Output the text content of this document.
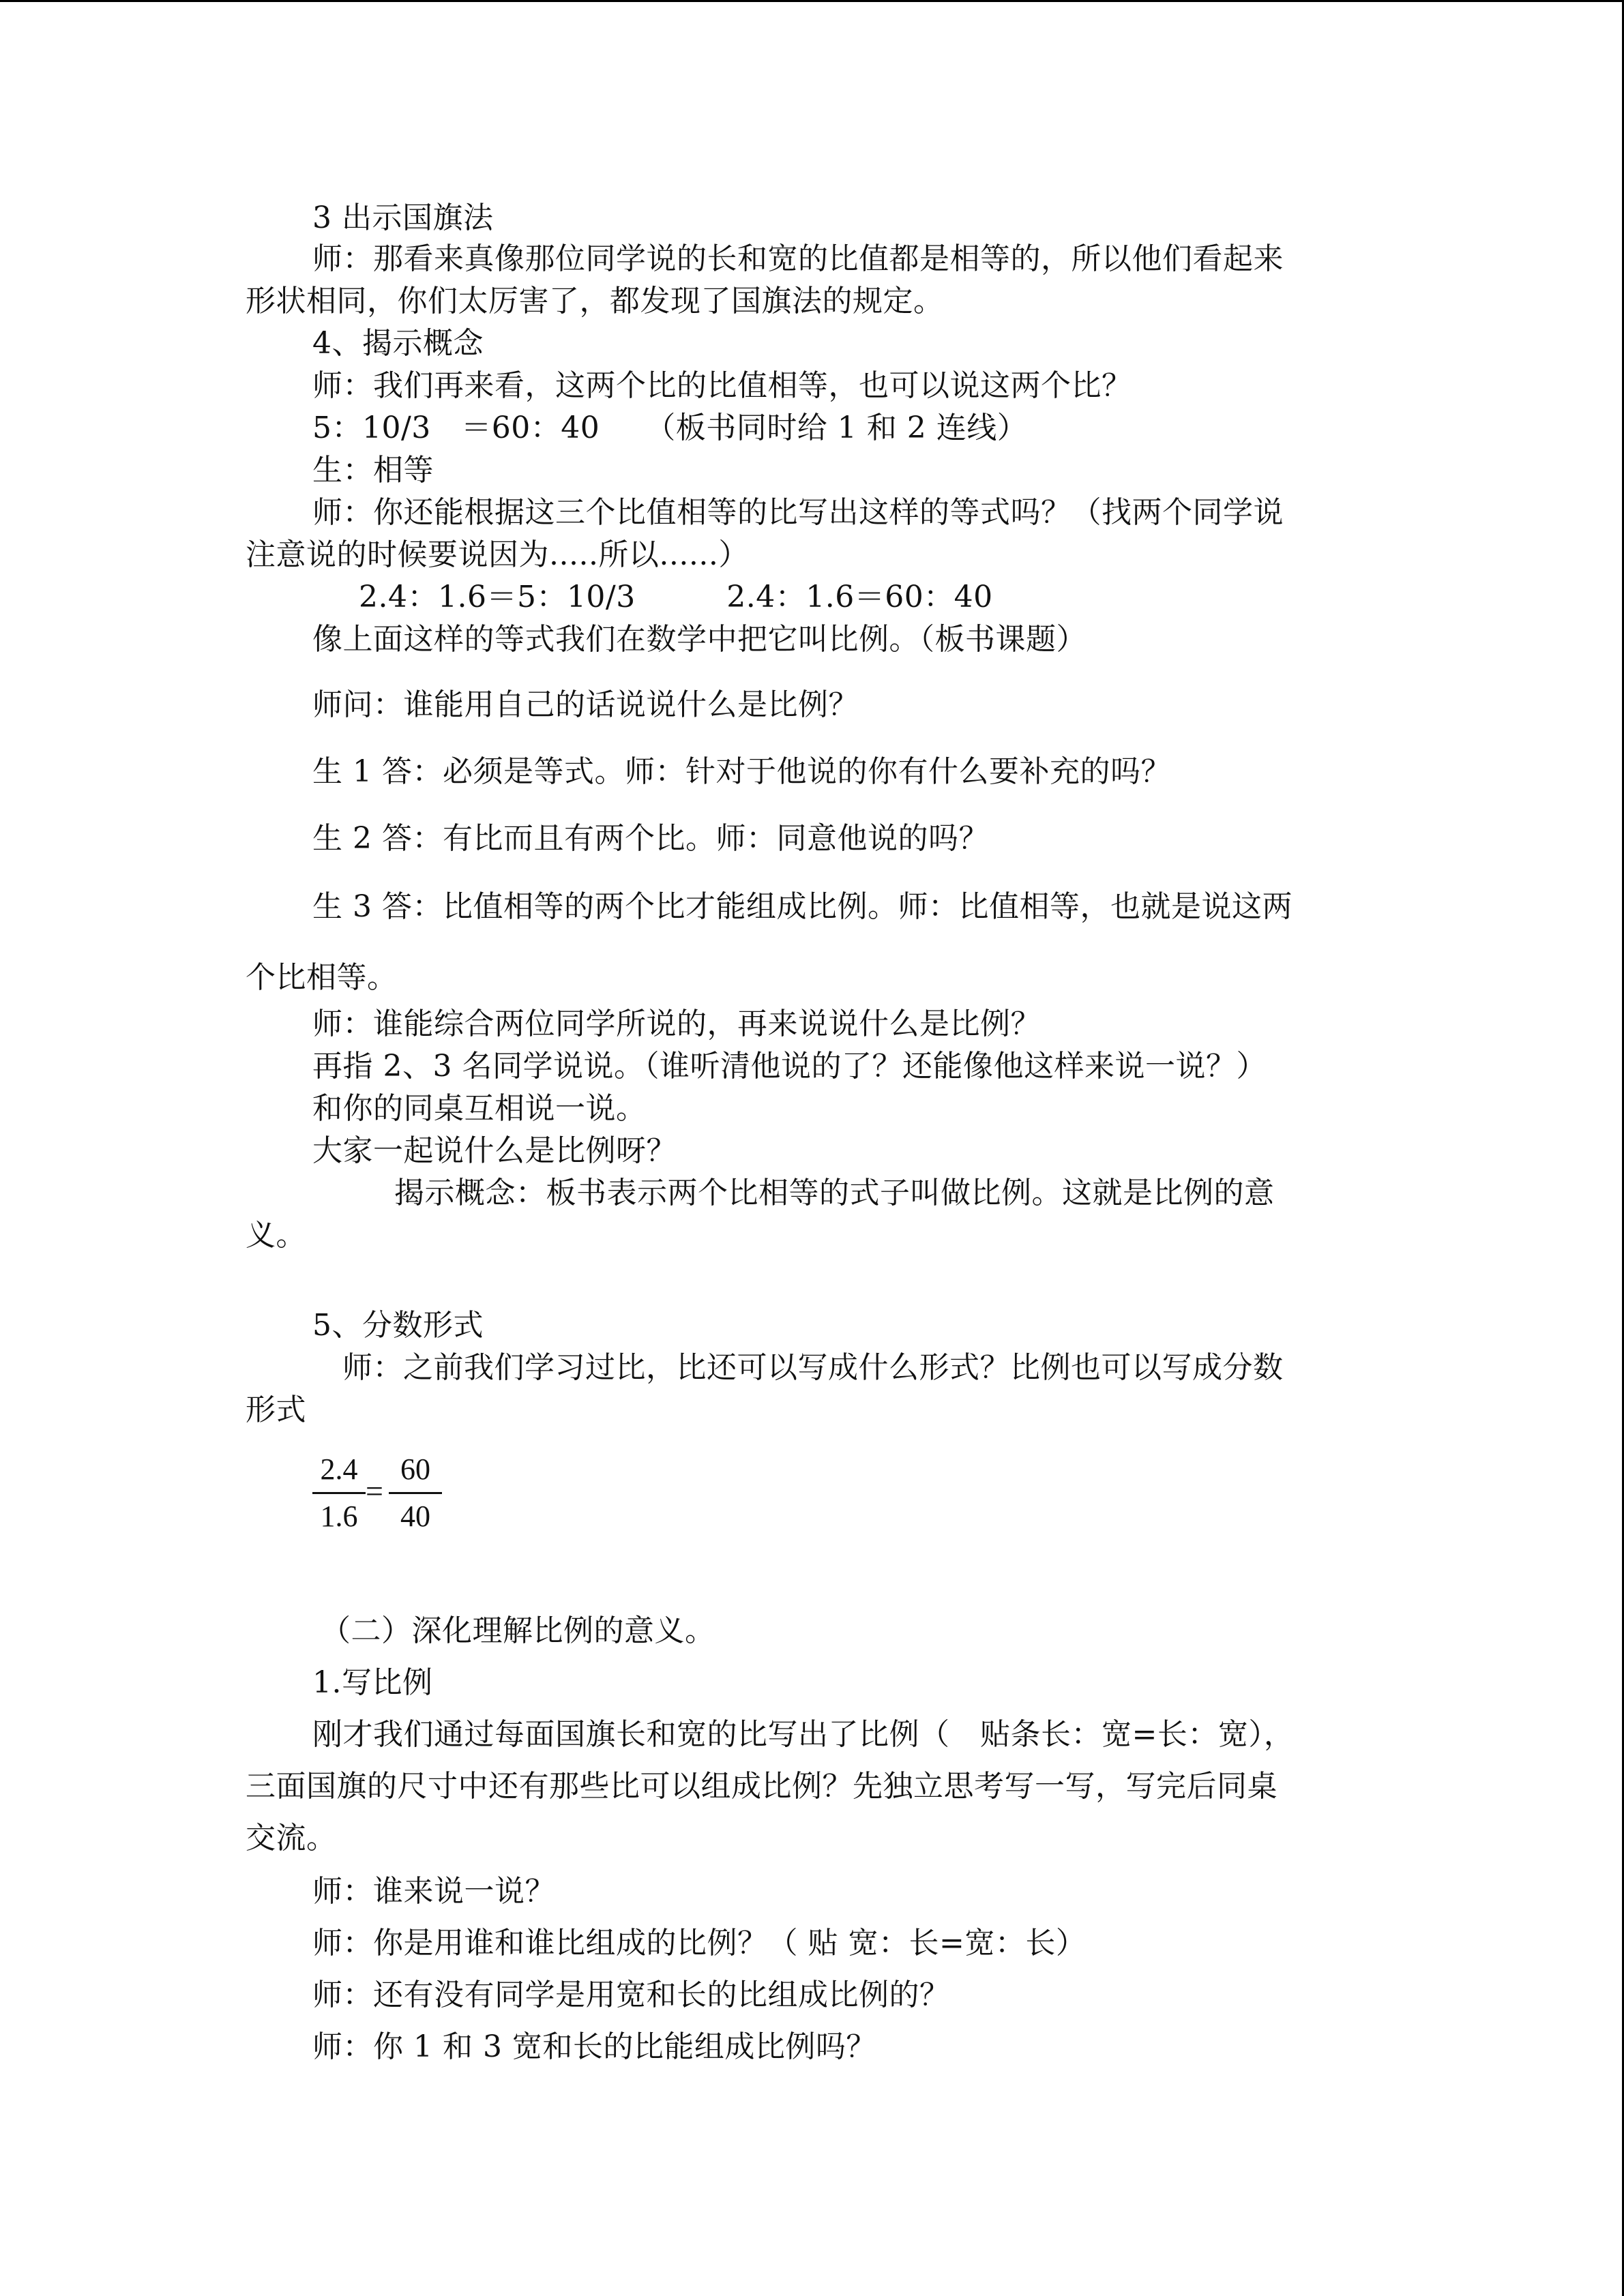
3 出示国旗法
师：那看来真像那位同学说的长和宽的比值都是相等的，所以他们看起来
形状相同，你们太厉害了，都发现了国旗法的规定。
4、揭示概念
师：我们再来看，这两个比的比值相等，也可以说这两个比？
5：10/3　＝60：40　　（板书同时给 1 和 2 连线）
生：相等
师：你还能根据这三个比值相等的比写出这样的等式吗？（找两个同学说
注意说的时候要说因为.....所以......）
2.4：1.6＝5：10/3　　　2.4：1.6＝60：40
像上面这样的等式我们在数学中把它叫比例。（板书课题）
师问：谁能用自己的话说说什么是比例？
生 1 答：必须是等式。师：针对于他说的你有什么要补充的吗？
生 2 答：有比而且有两个比。师：同意他说的吗？
生 3 答：比值相等的两个比才能组成比例。师：比值相等，也就是说这两
个比相等。
师：谁能综合两位同学所说的，再来说说什么是比例？
再指 2、3 名同学说说。（谁听清他说的了？还能像他这样来说一说？）
和你的同桌互相说一说。
大家一起说什么是比例呀？
揭示概念：板书表示两个比相等的式子叫做比例。这就是比例的意
义。
5、分数形式
师：之前我们学习过比，比还可以写成什么形式？比例也可以写成分数
形式
2.4
1.6
=
60
40
（二）深化理解比例的意义。
1.写比例
刚才我们通过每面国旗长和宽的比写出了比例（　贴条长：宽=长：宽），
三面国旗的尺寸中还有那些比可以组成比例？先独立思考写一写，写完后同桌
交流。
师：谁来说一说？
师：你是用谁和谁比组成的比例？（ 贴 宽：长=宽：长）
师：还有没有同学是用宽和长的比组成比例的？
师：你 1 和 3 宽和长的比能组成比例吗？
